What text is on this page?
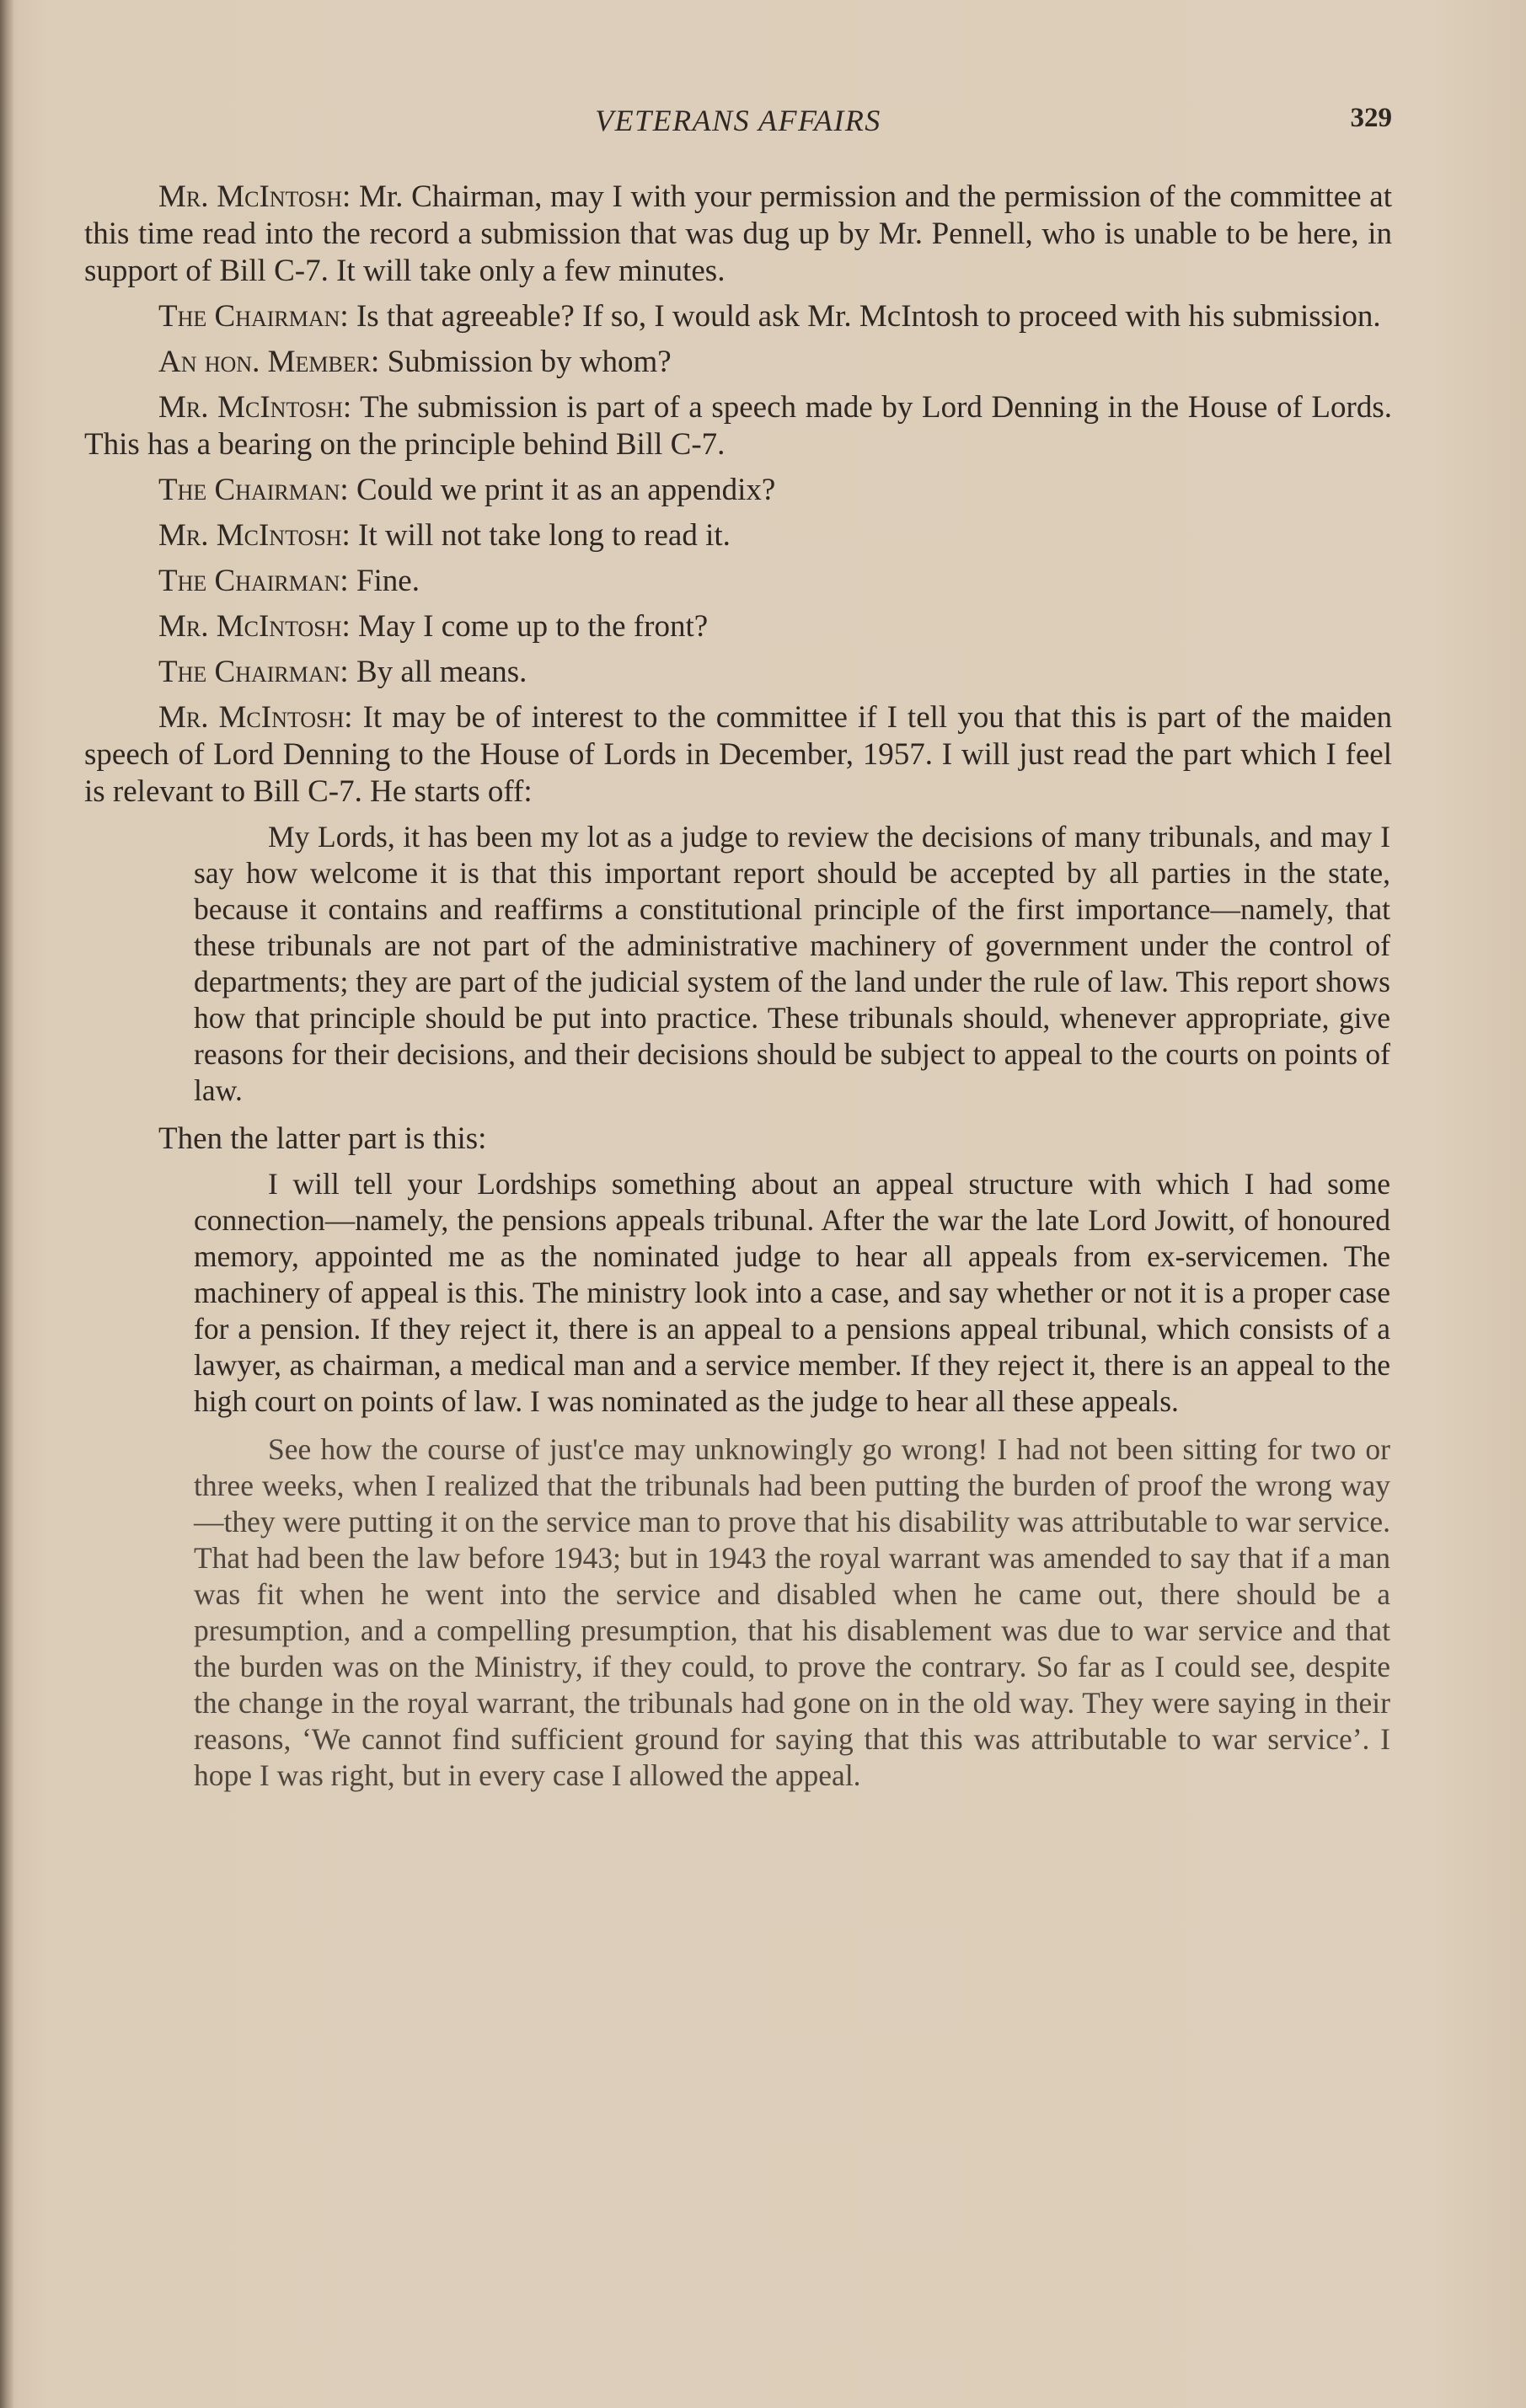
VETERANS AFFAIRS	329

Mr. McIntosh: Mr. Chairman, may I with your permission and the permission of the committee at this time read into the record a submission that was dug up by Mr. Pennell, who is unable to be here, in support of Bill C-7. It will take only a few minutes.

The Chairman: Is that agreeable? If so, I would ask Mr. McIntosh to proceed with his submission.

An hon. Member: Submission by whom?

Mr. McIntosh: The submission is part of a speech made by Lord Denning in the House of Lords. This has a bearing on the principle behind Bill C-7.

The Chairman: Could we print it as an appendix?

Mr. McIntosh: It will not take long to read it.

The Chairman: Fine.

Mr. McIntosh: May I come up to the front?

The Chairman: By all means.

Mr. McIntosh: It may be of interest to the committee if I tell you that this is part of the maiden speech of Lord Denning to the House of Lords in December, 1957. I will just read the part which I feel is relevant to Bill C-7. He starts off:

My Lords, it has been my lot as a judge to review the decisions of many tribunals, and may I say how welcome it is that this important report should be accepted by all parties in the state, because it contains and reaffirms a constitutional principle of the first importance—namely, that these tribunals are not part of the administrative machinery of government under the control of departments; they are part of the judicial system of the land under the rule of law. This report shows how that principle should be put into practice. These tribunals should, whenever appropriate, give reasons for their decisions, and their decisions should be subject to appeal to the courts on points of law.

Then the latter part is this:

I will tell your Lordships something about an appeal structure with which I had some connection—namely, the pensions appeals tribunal. After the war the late Lord Jowitt, of honoured memory, appointed me as the nominated judge to hear all appeals from ex-servicemen. The machinery of appeal is this. The ministry look into a case, and say whether or not it is a proper case for a pension. If they reject it, there is an appeal to a pensions appeal tribunal, which consists of a lawyer, as chairman, a medical man and a service member. If they reject it, there is an appeal to the high court on points of law. I was nominated as the judge to hear all these appeals.

See how the course of just'ce may unknowingly go wrong! I had not been sitting for two or three weeks, when I realized that the tribunals had been putting the burden of proof the wrong way—they were putting it on the service man to prove that his disability was attributable to war service. That had been the law before 1943; but in 1943 the royal warrant was amended to say that if a man was fit when he went into the service and disabled when he came out, there should be a presumption, and a compelling presumption, that his disablement was due to war service and that the burden was on the Ministry, if they could, to prove the contrary. So far as I could see, despite the change in the royal warrant, the tribunals had gone on in the old way. They were saying in their reasons, ‘We cannot find sufficient ground for saying that this was attributable to war service’. I hope I was right, but in every case I allowed the appeal.
